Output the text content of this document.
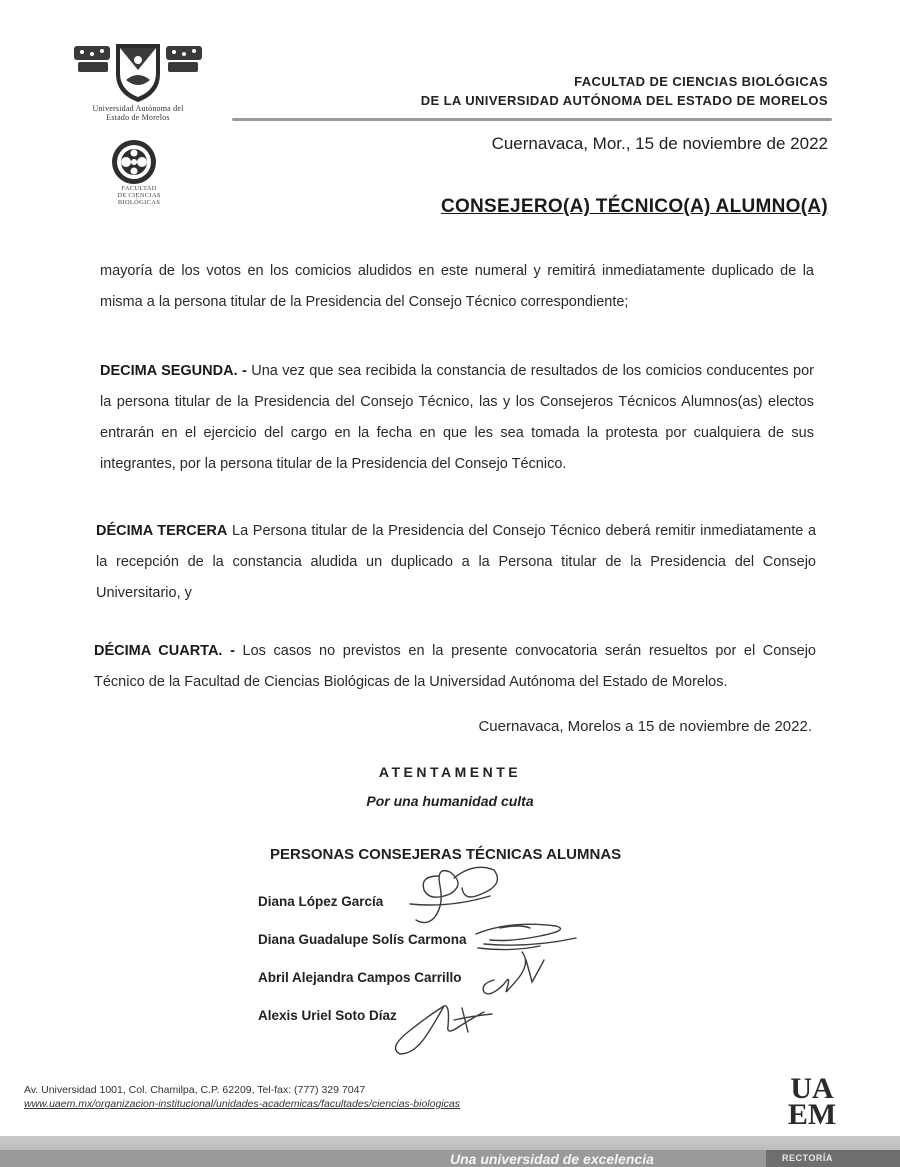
Universidad Autónoma del
Estado de Morelos
FACULTAD
DE CIENCIAS
BIOLÓGICAS
FACULTAD DE CIENCIAS BIOLÓGICAS
DE LA UNIVERSIDAD AUTÓNOMA DEL ESTADO DE MORELOS
Cuernavaca, Mor., 15 de noviembre de 2022
CONSEJERO(A) TÉCNICO(A) ALUMNO(A)
mayoría de los votos en los comicios aludidos en este numeral y remitirá inmediatamente duplicado de la misma a la persona titular de la Presidencia del Consejo Técnico correspondiente;
DECIMA SEGUNDA. - Una vez que sea recibida la constancia de resultados de los comicios conducentes por la persona titular de la Presidencia del Consejo Técnico, las y los Consejeros Técnicos Alumnos(as) electos entrarán en el ejercicio del cargo en la fecha en que les sea tomada la protesta por cualquiera de sus integrantes, por la persona titular de la Presidencia del Consejo Técnico.
DÉCIMA TERCERA La Persona titular de la Presidencia del Consejo Técnico deberá remitir inmediatamente a la recepción de la constancia aludida un duplicado a la Persona titular de la Presidencia del Consejo Universitario, y
DÉCIMA CUARTA. - Los casos no previstos en la presente convocatoria serán resueltos por el Consejo Técnico de la Facultad de Ciencias Biológicas de la Universidad Autónoma del Estado de Morelos.
Cuernavaca, Morelos a 15 de noviembre de 2022.
ATENTAMENTE
Por una humanidad culta
PERSONAS CONSEJERAS TÉCNICAS ALUMNAS
Diana López García
Diana Guadalupe Solís Carmona
Abril Alejandra Campos Carrillo
Alexis Uriel Soto Díaz
Av. Universidad 1001, Col. Chamilpa, C.P. 62209, Tel-fax: (777) 329 7047
www.uaem.mx/organizacion-institucional/unidades-academicas/facultades/ciencias-biologicas	UA
EM
Una universidad de excelencia	RECTORÍA
